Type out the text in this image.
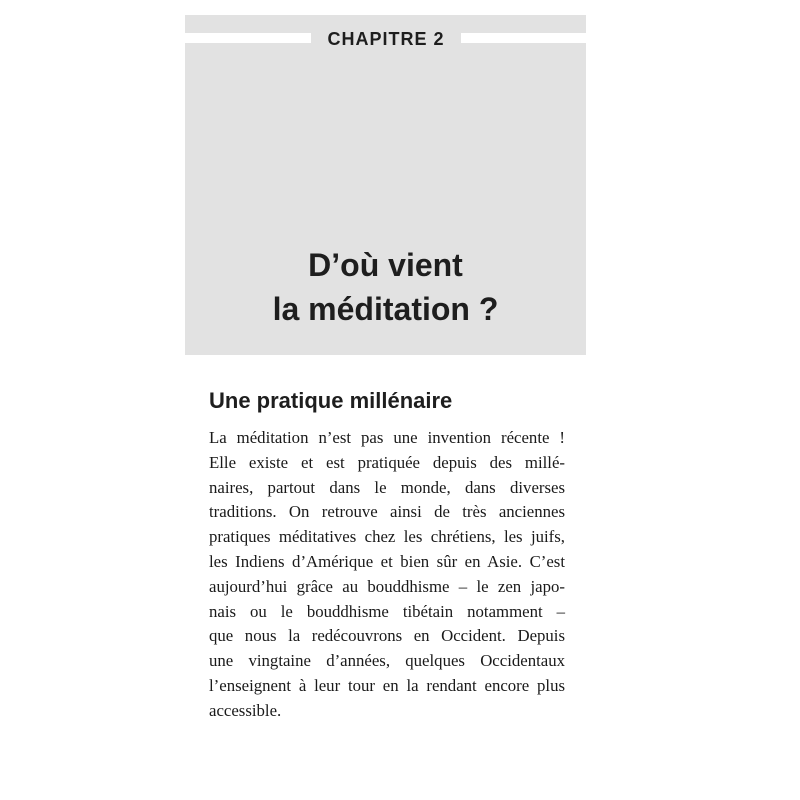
CHAPITRE 2
D’où vient
la méditation ?
Une pratique millénaire
La méditation n’est pas une invention récente !
Elle existe et est pratiquée depuis des millé-
naires, partout dans le monde, dans diverses
traditions. On retrouve ainsi de très anciennes
pratiques méditatives chez les chrétiens, les juifs,
les Indiens d’Amérique et bien sûr en Asie. C’est
aujourd’hui grâce au bouddhisme – le zen japo-
nais ou le bouddhisme tibétain notamment –
que nous la redécouvrons en Occident. Depuis
une vingtaine d’années, quelques Occidentaux
l’enseignent à leur tour en la rendant encore plus
accessible.
